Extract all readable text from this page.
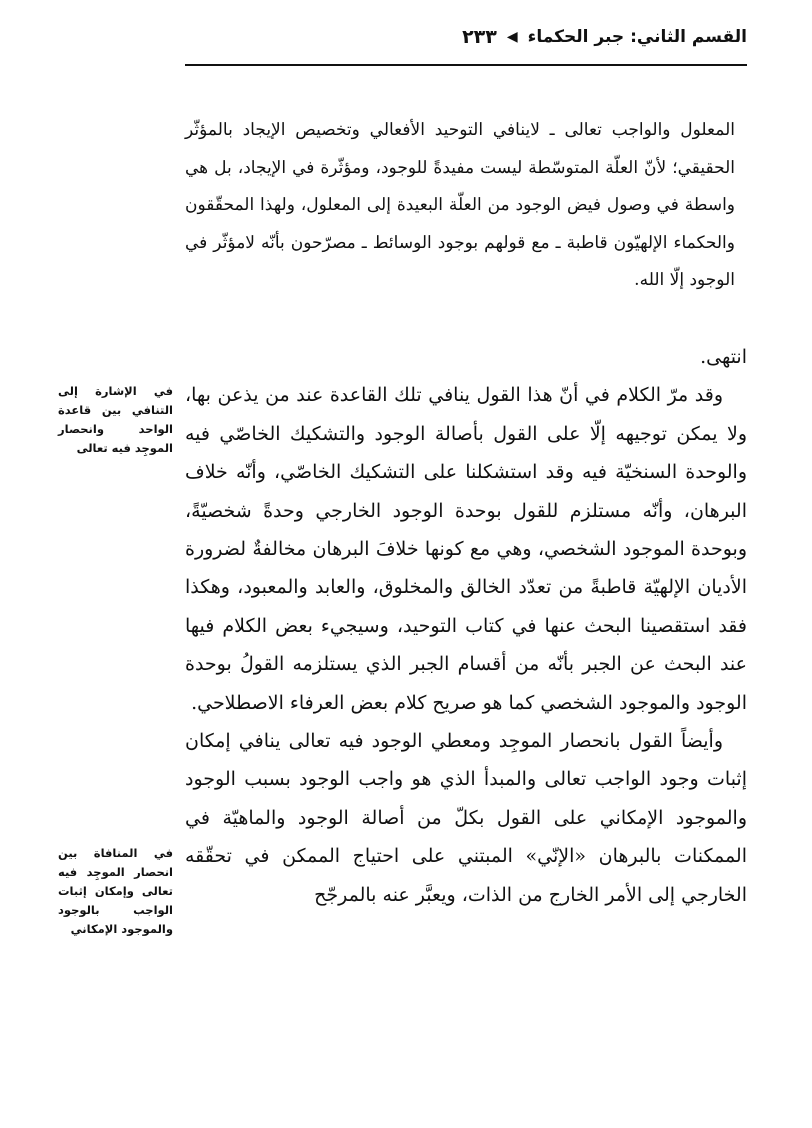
القسم الثاني: جبر الحكماء
◀
٢٣٣

المعلول والواجب تعالى ـ لاينافي التوحيد الأفعالي وتخصيص الإيجاد بالمؤثّر الحقيقي؛ لأنّ العلّة المتوسّطة ليست مفيدةً للوجود، ومؤثّرة في الإيجاد، بل هي واسطة في وصول فيض الوجود من العلّة البعيدة إلى المعلول، ولهذا المحقّقون والحكماء الإلهيّون قاطبة ـ مع قولهم بوجود الوسائط ـ مصرّحون بأنّه لامؤثّر في الوجود إلّا الله.

انتهى.

وقد مرّ الكلام في أنّ هذا القول ينافي تلك القاعدة عند من يذعن بها، ولا يمكن توجيهه إلّا على القول بأصالة الوجود والتشكيك الخاصّي فيه والوحدة السنخيّة فيه وقد استشكلنا على التشكيك الخاصّي، وأنّه خلاف البرهان، وأنّه مستلزم للقول بوحدة الوجود الخارجي وحدةً شخصيّةً، وبوحدة الموجود الشخصي، وهي مع كونها خلافَ البرهان مخالفةٌ لضرورة الأديان الإلهيّة قاطبةً من تعدّد الخالق والمخلوق، والعابد والمعبود، وهكذا فقد استقصينا البحث عنها في كتاب التوحيد، وسيجيء بعض الكلام فيها عند البحث عن الجبر بأنّه من أقسام الجبر الذي يستلزمه القولُ بوحدة الوجود والموجود الشخصي كما هو صريح كلام بعض العرفاء الاصطلاحي.

وأيضاً القول بانحصار الموجِد ومعطي الوجود فيه تعالى ينافي إمكان إثبات وجود الواجب تعالى والمبدأ الذي هو واجب الوجود بسبب الوجود والموجود الإمكاني على القول بكلّ من أصالة الوجود والماهيّة في الممكنات بالبرهان «الإنّي» المبتني على احتياج الممكن في تحقّقه الخارجي إلى الأمر الخارج من الذات، ويعبَّر عنه بالمرجّح

في الإشارة إلى التنافي بين قاعدة الواحد وانحصار الموجِد فيه تعالى
في المنافاة بين انحصار الموجِد فيه تعالى وإمكان إثبات الواجب بالوجود والموجود الإمكاني
